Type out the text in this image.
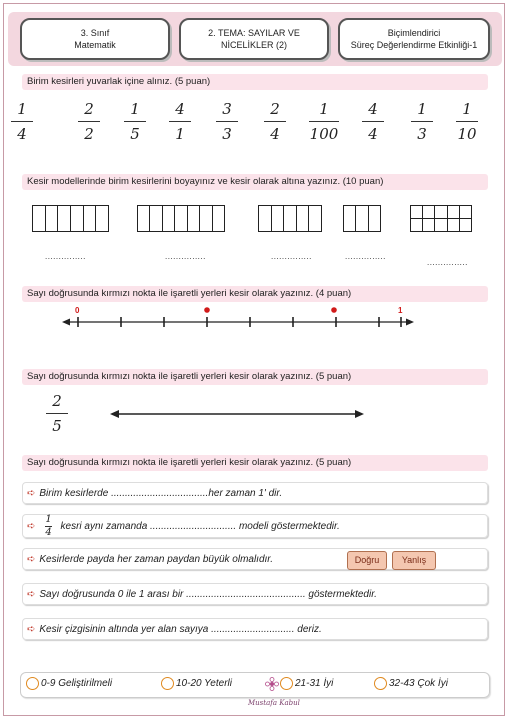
3. Sınıf
Matematik
2. TEMA: SAYILAR VE
NİCELİKLER (2)
Biçimlendirici
Süreç Değerlendirme Etkinliği-1
Birim kesirleri yuvarlak içine alınız. (5 puan)
1
4
2
2
1
5
4
1
3
3
2
4
1
100
4
4
1
3
1
10
Kesir modellerinde birim kesirlerini boyayınız ve kesir olarak altına yazınız. (10 puan)
...............	...............	...............	...............
...............
Sayı doğrusunda kırmızı nokta ile işaretli yerleri kesir olarak yazınız. (4 puan)
0	1
Sayı doğrusunda kırmızı nokta ile işaretli yerleri kesir olarak yazınız. (5 puan)
2
5
Sayı doğrusunda kırmızı nokta ile işaretli yerleri kesir olarak yazınız. (5 puan)
➪ Birim kesirlerde ...................................her zaman 1' dir.
➪ $\frac{1}{4}$ kesri aynı zamanda ............................... modeli göstermektedir.
➪ Kesirlerde payda her zaman paydan büyük olmalıdır.	Doğru	Yanlış
➪ Sayı doğrusunda 0 ile 1 arası bir ........................................... göstermektedir.
➪ Kesir çizgisinin altında yer alan sayıya .............................. deriz.
0-9 Geliştirilmeli	10-20 Yeterli	21-31 İyi	32-43 Çok İyi
Mustafa Kabul
